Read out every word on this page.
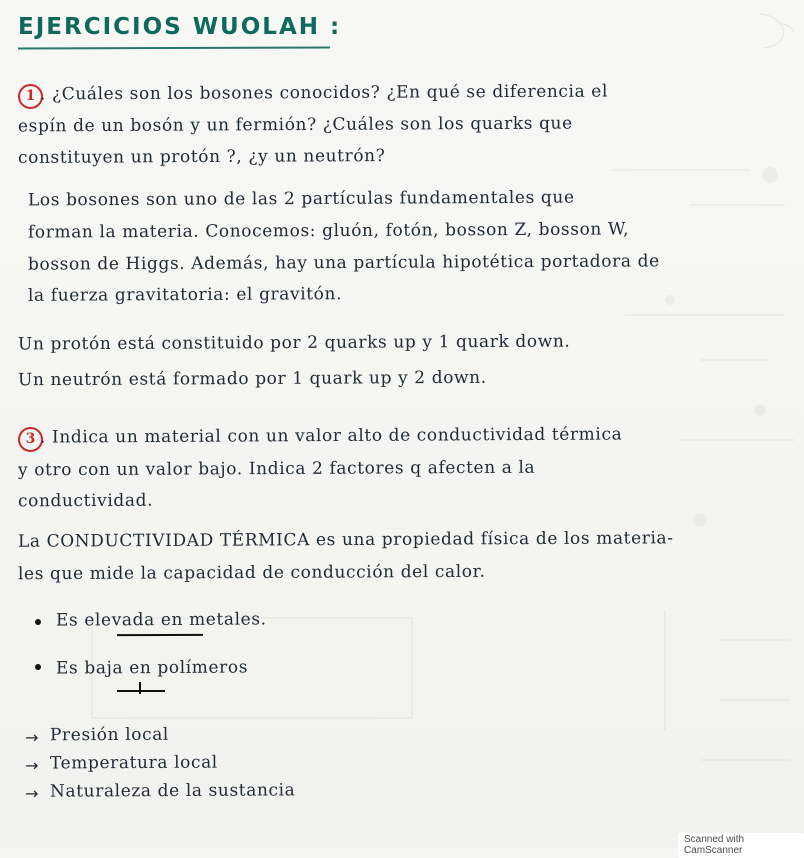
EJERCICIOS WUOLAH :
1 . ¿Cuáles son los bosones conocidos? ¿En qué se diferencia el

espín de un bosón y un fermión? ¿Cuáles son los quarks que

constituyen un protón ?, ¿y un neutrón?

Los bosones son uno de las 2 partículas fundamentales que

forman la materia. Conocemos: gluón, fotón, bosson Z, bosson W,

bosson de Higgs. Además, hay una partícula hipotética portadora de

la fuerza gravitatoria: el gravitón.

Un protón está constituido por 2 quarks up y 1 quark down.

Un neutrón está formado por 1 quark up y 2 down.

3 . Indica un material con un valor alto de conductividad térmica

y otro con un valor bajo. Indica 2 factores q afecten a la

conductividad.

La CONDUCTIVIDAD TÉRMICA es una propiedad física de los materia-

les que mide la capacidad de conducción del calor.

Es elevada en metales.

Es baja en polímeros

→ Presión local

→ Temperatura local

→ Naturaleza de la sustancia

Scanned with CamScanner
